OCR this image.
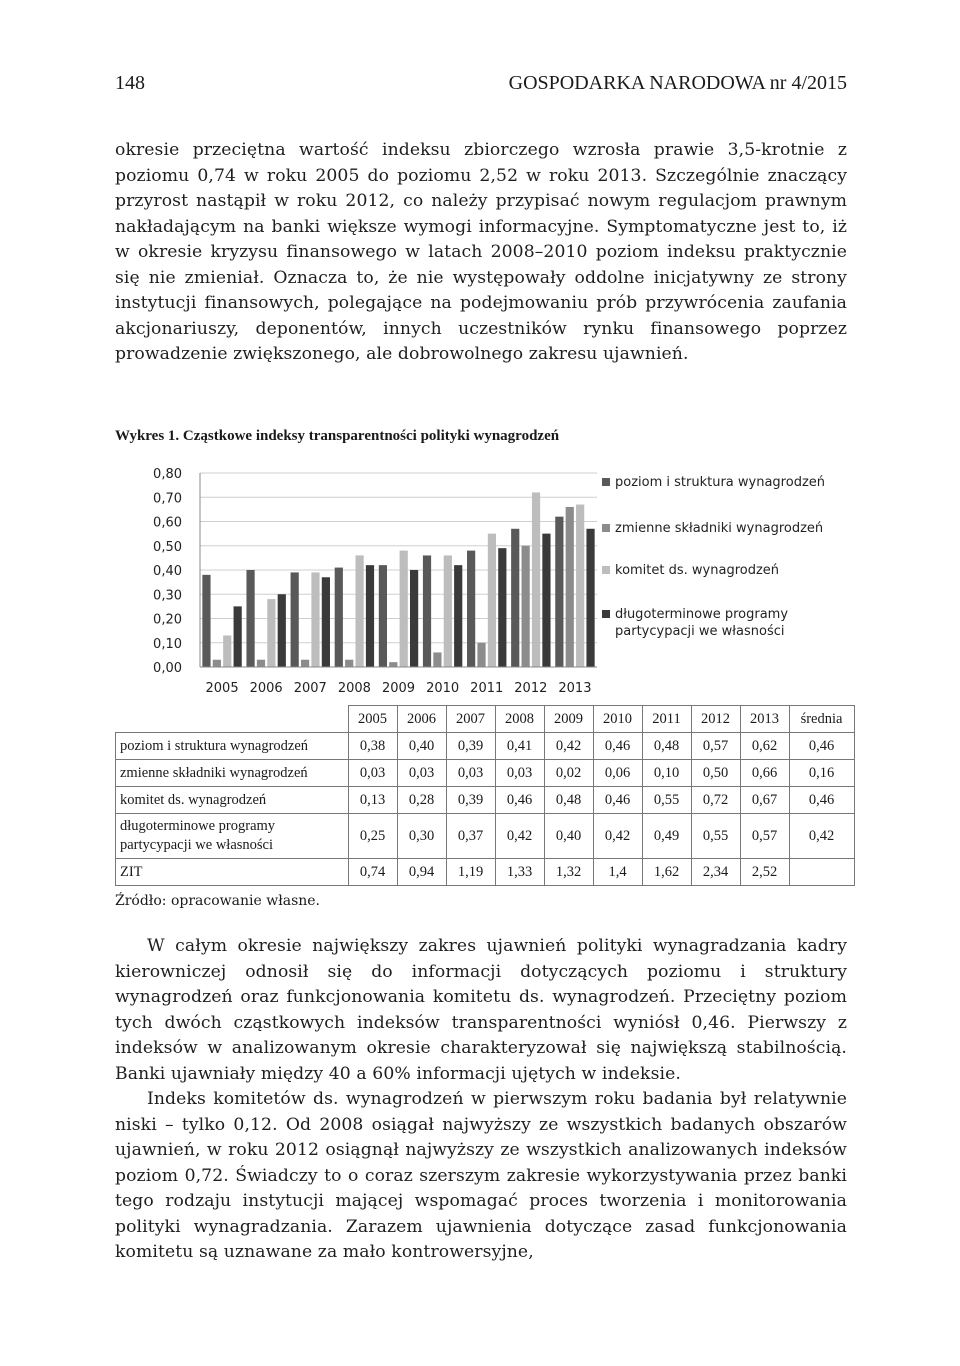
148	GOSPODARKA NARODOWA nr 4/2015
okresie przeciętna wartość indeksu zbiorczego wzrosła prawie 3,5-krotnie z poziomu 0,74 w roku 2005 do poziomu 2,52 w roku 2013. Szczególnie znaczący przyrost nastąpił w roku 2012, co należy przypisać nowym regulacjom prawnym nakładającym na banki większe wymogi informacyjne. Symptomatyczne jest to, iż w okresie kryzysu finansowego w latach 2008–2010 poziom indeksu praktycznie się nie zmieniał. Oznacza to, że nie występowały oddolne inicjatywny ze strony instytucji finansowych, polegające na podejmowaniu prób przywrócenia zaufania akcjonariuszy, deponentów, innych uczestników rynku finansowego poprzez prowadzenie zwiększonego, ale dobrowolnego zakresu ujawnień.
Wykres 1. Cząstkowe indeksy transparentności polityki wynagrodzeń
0,00
0,10
0,20
0,30
0,40
0,50
0,60
0,70
0,80
2005 2006 2007 2008 2009 2010 2011 2012 2013
poziom i struktura wynagrodzeń
zmienne składniki wynagrodzeń
komitet ds. wynagrodzeń
długoterminowe programy
partycypacji we własności
	2005	2006	2007	2008	2009	2010	2011	2012	2013	średnia
poziom i struktura wynagrodzeń	0,38	0,40	0,39	0,41	0,42	0,46	0,48	0,57	0,62	0,46
zmienne składniki wynagrodzeń	0,03	0,03	0,03	0,03	0,02	0,06	0,10	0,50	0,66	0,16
komitet ds. wynagrodzeń	0,13	0,28	0,39	0,46	0,48	0,46	0,55	0,72	0,67	0,46
długoterminowe programy
partycypacji we własności	0,25	0,30	0,37	0,42	0,40	0,42	0,49	0,55	0,57	0,42
ZIT	0,74	0,94	1,19	1,33	1,32	1,4	1,62	2,34	2,52	
Źródło: opracowanie własne.
W całym okresie największy zakres ujawnień polityki wynagradzania kadry kierowniczej odnosił się do informacji dotyczących poziomu i struktury wynagrodzeń oraz funkcjonowania komitetu ds. wynagrodzeń. Przeciętny poziom tych dwóch cząstkowych indeksów transparentności wyniósł 0,46. Pierwszy z indeksów w analizowanym okresie charakteryzował się największą stabilnością. Banki ujawniały między 40 a 60% informacji ujętych w indeksie.
Indeks komitetów ds. wynagrodzeń w pierwszym roku badania był relatywnie niski – tylko 0,12. Od 2008 osiągał najwyższy ze wszystkich badanych obszarów ujawnień, w roku 2012 osiągnął najwyższy ze wszystkich analizowanych indeksów poziom 0,72. Świadczy to o coraz szerszym zakresie wykorzystywania przez banki tego rodzaju instytucji mającej wspomagać proces tworzenia i monitorowania polityki wynagradzania. Zarazem ujawnienia dotyczące zasad funkcjonowania komitetu są uznawane za mało kontrowersyjne,
